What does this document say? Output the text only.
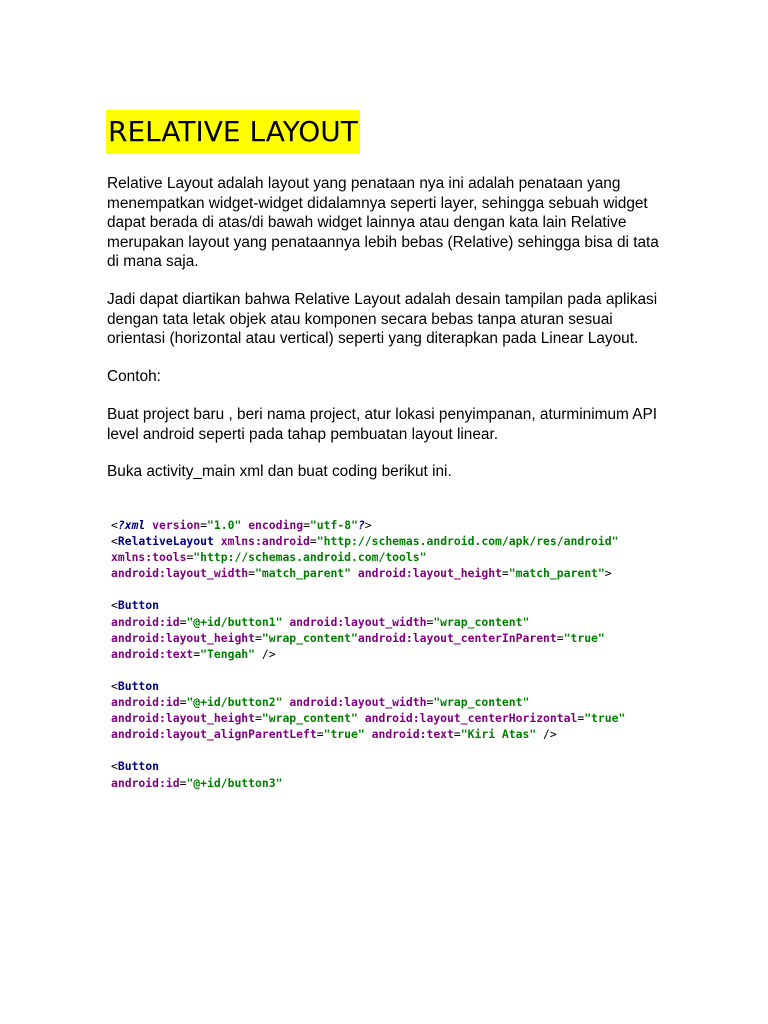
RELATIVE LAYOUT

Relative Layout adalah layout yang penataan nya ini adalah penataan yang menempatkan widget-widget didalamnya seperti layer, sehingga sebuah widget dapat berada di atas/di bawah widget lainnya atau dengan kata lain Relative merupakan layout yang penataannya lebih bebas (Relative) sehingga bisa di tata di mana saja.

Jadi dapat diartikan bahwa Relative Layout adalah desain tampilan pada aplikasi dengan tata letak objek atau komponen secara bebas tanpa aturan sesuai orientasi (horizontal atau vertical) seperti yang diterapkan pada Linear Layout.

Contoh:

Buat project baru , beri nama project, atur lokasi penyimpanan, aturminimum API level android seperti pada tahap pembuatan layout linear.

Buka activity_main xml dan buat coding berikut ini.

<?xml version="1.0" encoding="utf-8"?>
<RelativeLayout xmlns:android="http://schemas.android.com/apk/res/android"
xmlns:tools="http://schemas.android.com/tools"
android:layout_width="match_parent" android:layout_height="match_parent">

<Button
android:id="@+id/button1" android:layout_width="wrap_content"
android:layout_height="wrap_content"android:layout_centerInParent="true"
android:text="Tengah" />

<Button
android:id="@+id/button2" android:layout_width="wrap_content"
android:layout_height="wrap_content" android:layout_centerHorizontal="true"
android:layout_alignParentLeft="true" android:text="Kiri Atas" />

<Button
android:id="@+id/button3"
